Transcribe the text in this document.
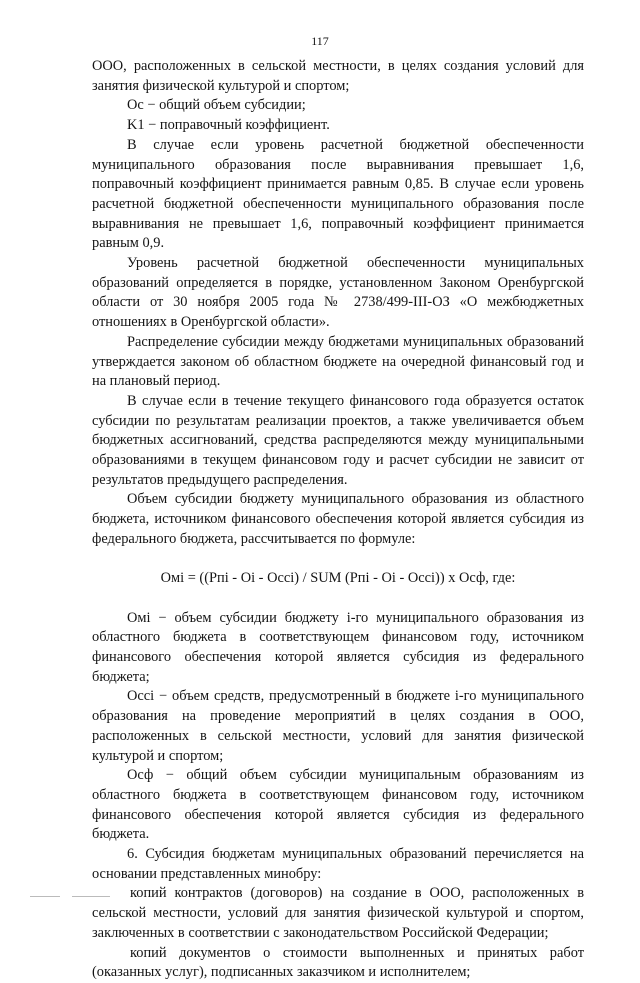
117

ООО, расположенных в сельской местности, в целях создания условий для занятия физической культурой и спортом;

Ос − общий объем субсидии;

K1 − поправочный коэффициент.

В случае если уровень расчетной бюджетной обеспеченности муниципального образования после выравнивания превышает 1,6, поправочный коэффициент принимается равным 0,85. В случае если уровень расчетной бюджетной обеспеченности муниципального образования после выравнивания не превышает 1,6, поправочный коэффициент принимается равным 0,9.

Уровень расчетной бюджетной обеспеченности муниципальных образований определяется в порядке, установленном Законом Оренбургской области от 30 ноября 2005 года № 2738/499-III-ОЗ «О межбюджетных отношениях в Оренбургской области».

Распределение субсидии между бюджетами муниципальных образований утверждается законом об областном бюджете на очередной финансовый год и на плановый период.

В случае если в течение текущего финансового года образуется остаток субсидии по результатам реализации проектов, а также увеличивается объем бюджетных ассигнований, средства распределяются между муниципальными образованиями в текущем финансовом году и расчет субсидии не зависит от результатов предыдущего распределения.

Объем субсидии бюджету муниципального образования из областного бюджета, источником финансового обеспечения которой является субсидия из федерального бюджета, рассчитывается по формуле:

Омi = ((Рпi - Оi - Оссi) / SUM (Рпi - Оi - Оссi)) x Осф, где:

Омi − объем субсидии бюджету i-го муниципального образования из областного бюджета в соответствующем финансовом году, источником финансового обеспечения которой является субсидия из федерального бюджета;

Оссi − объем средств, предусмотренный в бюджете i-го муниципального образования на проведение мероприятий в целях создания в ООО, расположенных в сельской местности, условий для занятия физической культурой и спортом;

Осф − общий объем субсидии муниципальным образованиям из областного бюджета в соответствующем финансовом году, источником финансового обеспечения которой является субсидия из федерального бюджета.

6. Субсидия бюджетам муниципальных образований перечисляется на основании представленных минобру:

копий контрактов (договоров) на создание в ООО, расположенных в сельской местности, условий для занятия физической культурой и спортом, заключенных в соответствии с законодательством Российской Федерации;

копий документов о стоимости выполненных и принятых работ (оказанных услуг), подписанных заказчиком и исполнителем;
